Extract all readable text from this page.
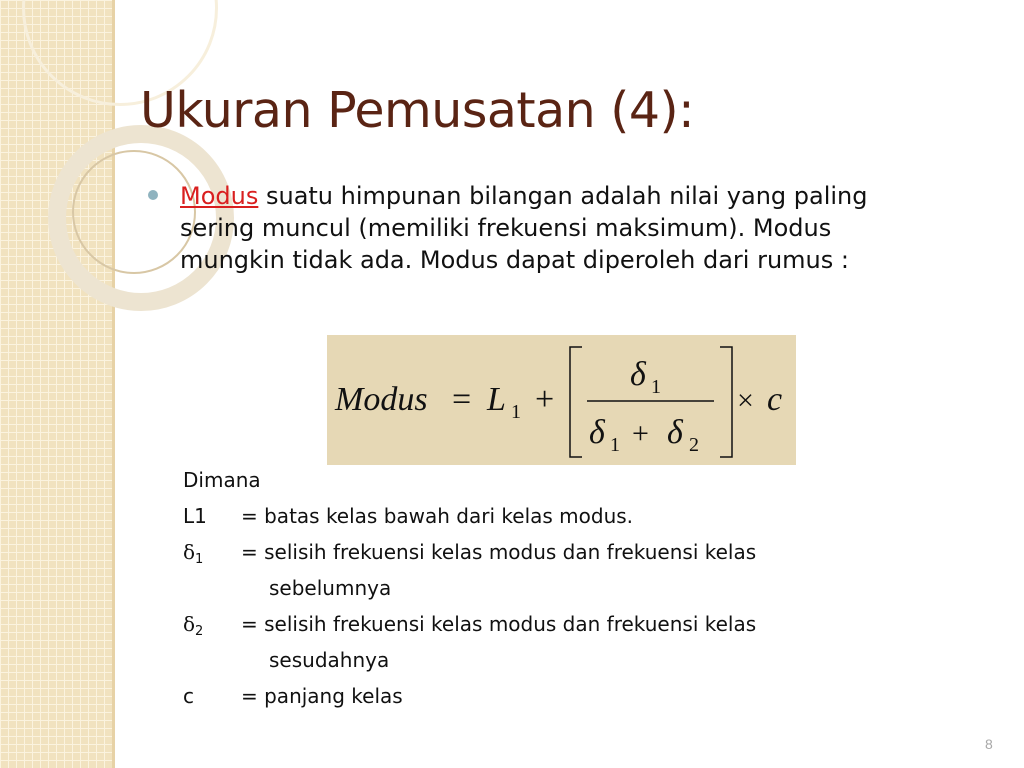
Ukuran Pemusatan (4):
Modus suatu himpunan bilangan adalah nilai yang paling sering muncul (memiliki frekuensi maksimum). Modus mungkin tidak ada. Modus dapat diperoleh dari rumus :
Modus = L 1 +
δ 1
δ 1 + δ 2
× c
Dimana
L1 = batas kelas bawah dari kelas modus.
$\delta_1$ = selisih frekuensi kelas modus dan frekuensi kelas
sebelumnya
$\delta_2$ = selisih frekuensi kelas modus dan frekuensi kelas
sesudahnya
c = panjang kelas
8
